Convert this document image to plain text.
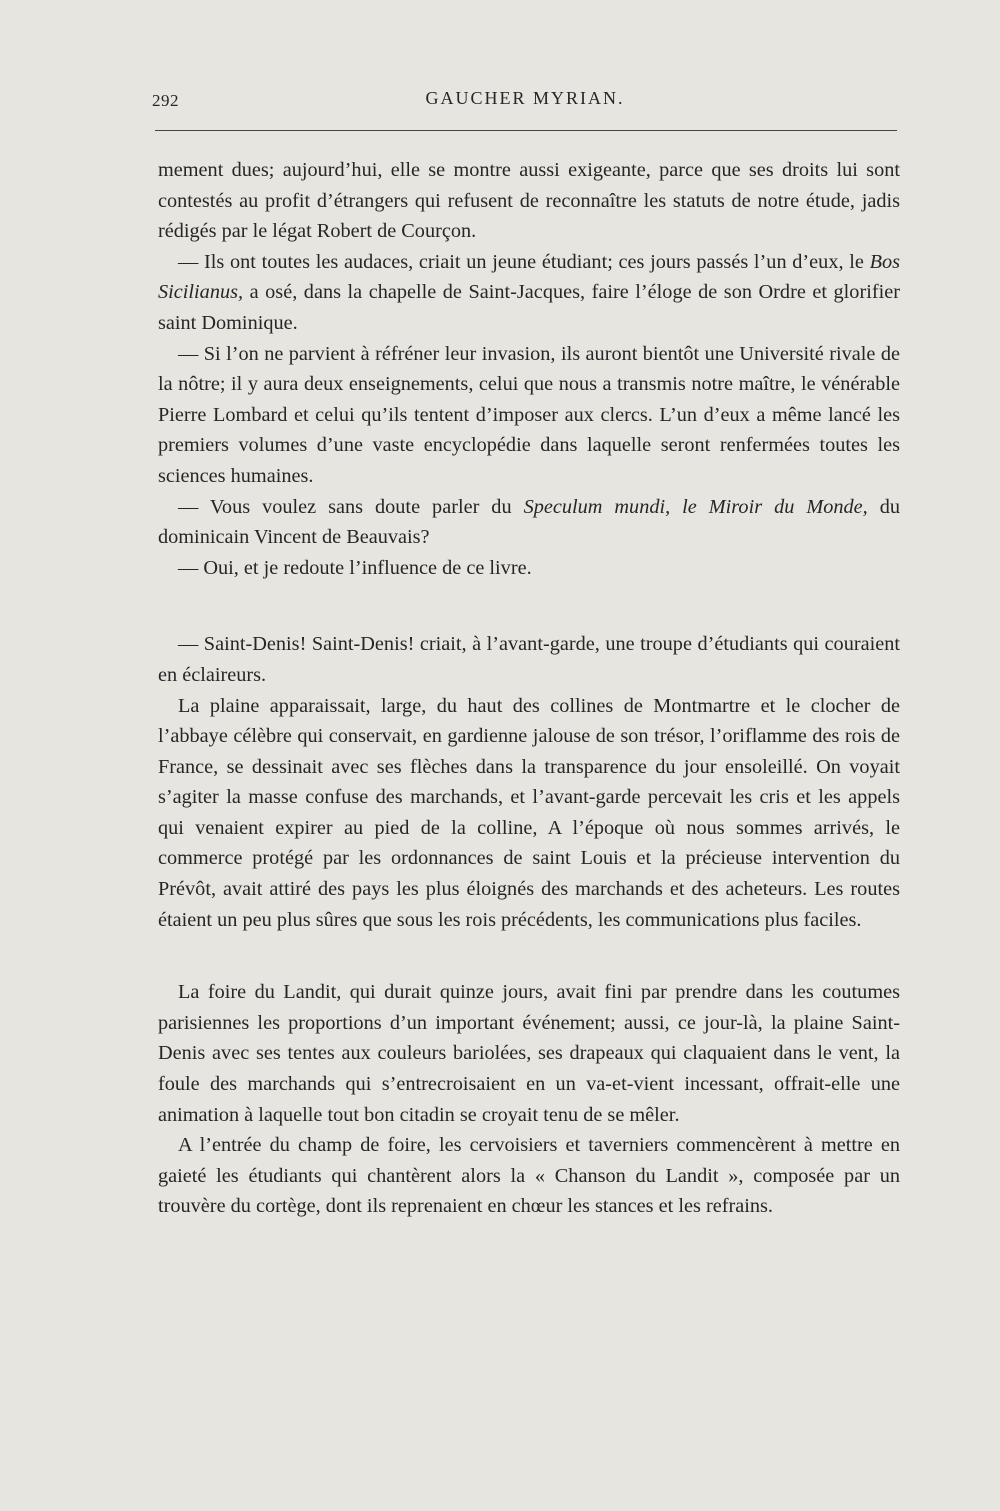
292	GAUCHER MYRIAN.

mement dues; aujourd’hui, elle se montre aussi exigeante, parce que ses droits lui sont contestés au profit d’étrangers qui refusent de reconnaître les statuts de notre étude, jadis rédigés par le légat Robert de Courçon.

— Ils ont toutes les audaces, criait un jeune étudiant; ces jours passés l’un d’eux, le Bos Sicilianus, a osé, dans la chapelle de Saint-Jacques, faire l’éloge de son Ordre et glorifier saint Dominique.

— Si l’on ne parvient à réfréner leur invasion, ils auront bientôt une Université rivale de la nôtre; il y aura deux enseignements, celui que nous a transmis notre maître, le vénérable Pierre Lombard et celui qu’ils tentent d’imposer aux clercs. L’un d’eux a même lancé les premiers volumes d’une vaste encyclopédie dans laquelle seront renfermées toutes les sciences humaines.

— Vous voulez sans doute parler du Speculum mundi, le Miroir du Monde, du dominicain Vincent de Beauvais?

— Oui, et je redoute l’influence de ce livre.

— Saint-Denis! Saint-Denis! criait, à l’avant-garde, une troupe d’étudiants qui couraient en éclaireurs.

La plaine apparaissait, large, du haut des collines de Montmartre et le clocher de l’abbaye célèbre qui conservait, en gardienne jalouse de son trésor, l’oriflamme des rois de France, se dessinait avec ses flèches dans la transparence du jour ensoleillé. On voyait s’agiter la masse confuse des marchands, et l’avant-garde percevait les cris et les appels qui venaient expirer au pied de la colline, A l’époque où nous sommes arrivés, le commerce protégé par les ordonnances de saint Louis et la précieuse intervention du Prévôt, avait attiré des pays les plus éloignés des marchands et des acheteurs. Les routes étaient un peu plus sûres que sous les rois précédents, les communications plus faciles.

La foire du Landit, qui durait quinze jours, avait fini par prendre dans les coutumes parisiennes les proportions d’un important événement; aussi, ce jour-là, la plaine Saint-Denis avec ses tentes aux couleurs bariolées, ses drapeaux qui claquaient dans le vent, la foule des marchands qui s’entrecroisaient en un va-et-vient incessant, offrait-elle une animation à laquelle tout bon citadin se croyait tenu de se mêler.

A l’entrée du champ de foire, les cervoisiers et taverniers commencèrent à mettre en gaieté les étudiants qui chantèrent alors la « Chanson du Landit », composée par un trouvère du cortège, dont ils reprenaient en chœur les stances et les refrains.
